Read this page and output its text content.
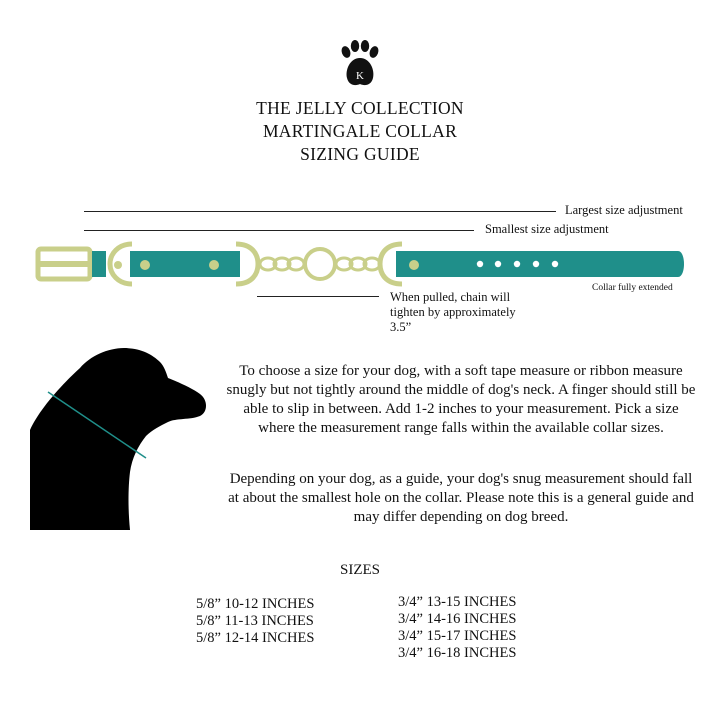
K
THE JELLY COLLECTION
MARTINGALE COLLAR
SIZING GUIDE
Largest size adjustment
Smallest size adjustment
Collar fully extended
When pulled, chain will
tighten by approximately
3.5”
To choose a size for your dog, with a soft tape measure or ribbon measure snugly but not tightly around the middle of dog's neck. A finger should still be able to slip in between. Add 1-2 inches to your measurement. Pick a size where the measurement range falls within the available collar sizes.
Depending on your dog, as a guide, your dog's snug measurement should fall at about the smallest hole on the collar. Please note this is a general guide and may differ depending on dog breed.
SIZES
5/8” 10-12 INCHES
5/8” 11-13 INCHES
5/8” 12-14 INCHES
3/4” 13-15 INCHES
3/4” 14-16 INCHES
3/4” 15-17 INCHES
3/4” 16-18 INCHES
